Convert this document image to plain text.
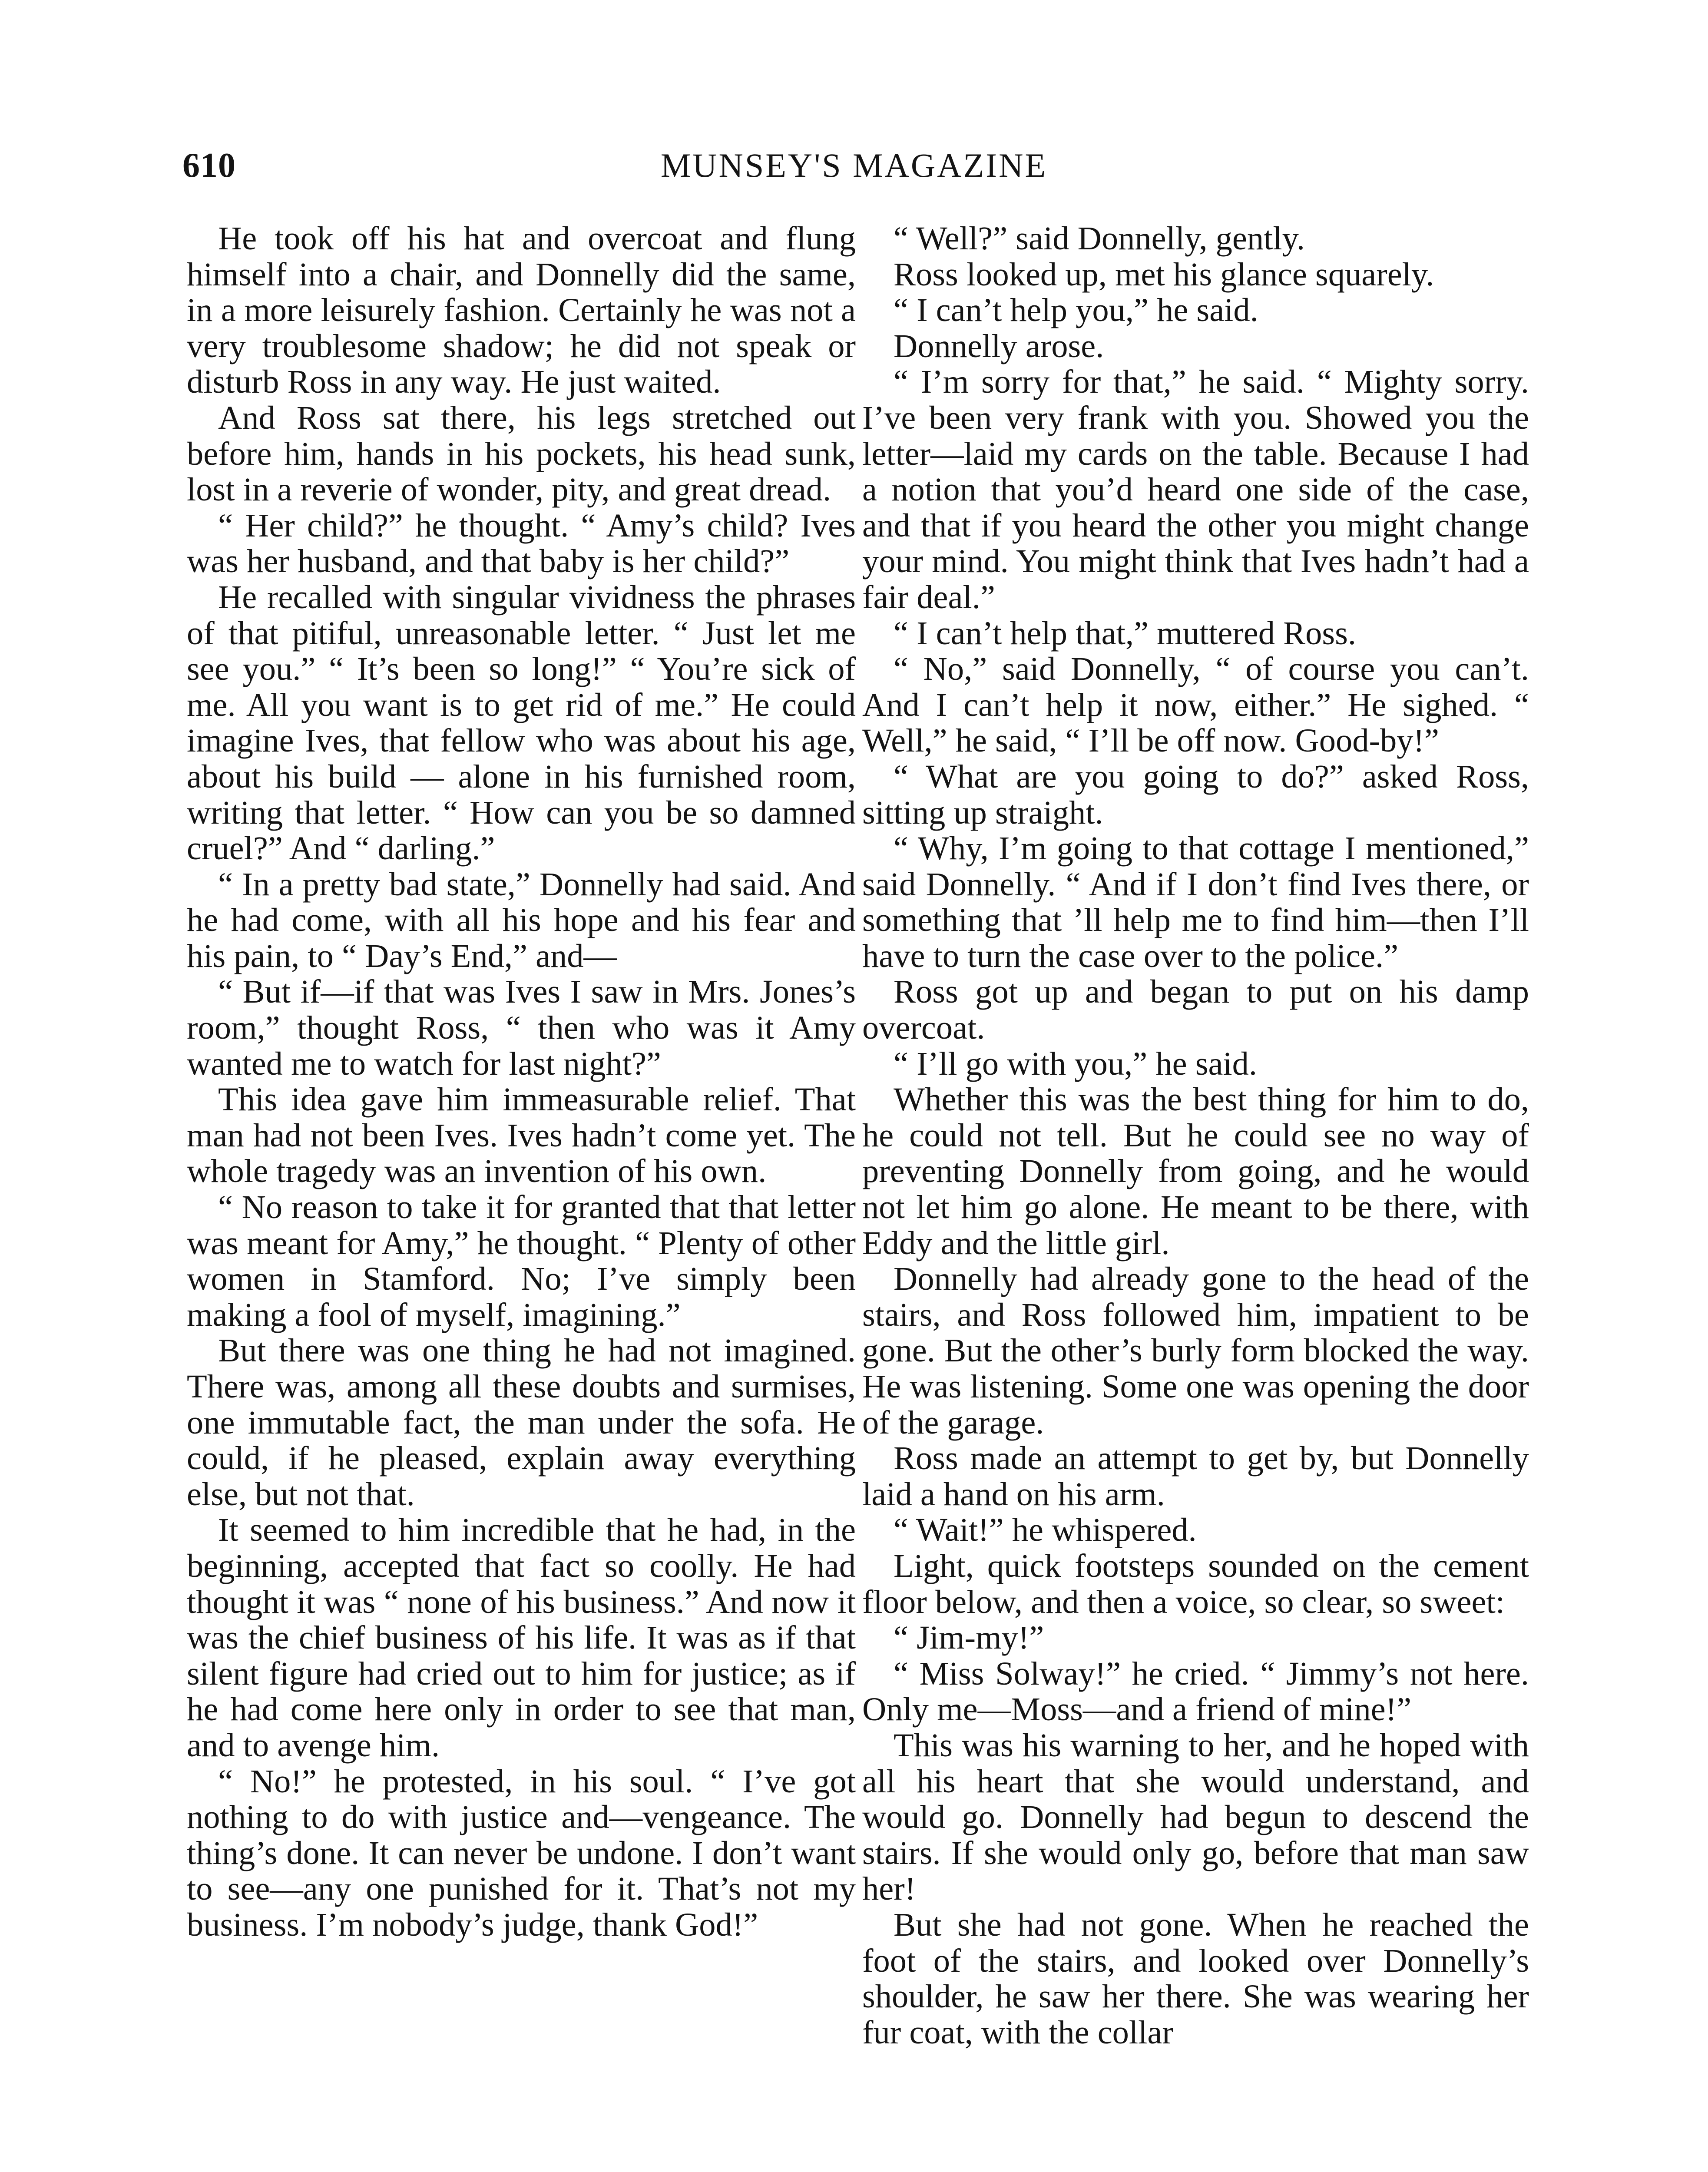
610	MUNSEY'S MAGAZINE

He took off his hat and overcoat and flung himself into a chair, and Donnelly did the same, in a more leisurely fashion. Certainly he was not a very troublesome shadow; he did not speak or disturb Ross in any way. He just waited.

And Ross sat there, his legs stretched out before him, hands in his pockets, his head sunk, lost in a reverie of wonder, pity, and great dread.

“ Her child?” he thought. “ Amy’s child? Ives was her husband, and that baby is her child?”

He recalled with singular vividness the phrases of that pitiful, unreasonable letter. “ Just let me see you.” “ It’s been so long!” “ You’re sick of me. All you want is to get rid of me.” He could imagine Ives, that fellow who was about his age, about his build — alone in his furnished room, writing that letter. “ How can you be so damned cruel?” And “ darling.”

“ In a pretty bad state,” Donnelly had said. And he had come, with all his hope and his fear and his pain, to “ Day’s End,” and—

“ But if—if that was Ives I saw in Mrs. Jones’s room,” thought Ross, “ then who was it Amy wanted me to watch for last night?”

This idea gave him immeasurable relief. That man had not been Ives. Ives hadn’t come yet. The whole tragedy was an invention of his own.

“ No reason to take it for granted that that letter was meant for Amy,” he thought. “ Plenty of other women in Stamford. No; I’ve simply been making a fool of myself, imagining.”

But there was one thing he had not imagined. There was, among all these doubts and surmises, one immutable fact, the man under the sofa. He could, if he pleased, explain away everything else, but not that.

It seemed to him incredible that he had, in the beginning, accepted that fact so coolly. He had thought it was “ none of his business.” And now it was the chief business of his life. It was as if that silent figure had cried out to him for justice; as if he had come here only in order to see that man, and to avenge him.

“ No!” he protested, in his soul. “ I’ve got nothing to do with justice and—vengeance. The thing’s done. It can never be undone. I don’t want to see—any one punished for it. That’s not my business. I’m nobody’s judge, thank God!”

“ Well?” said Donnelly, gently.

Ross looked up, met his glance squarely.

“ I can’t help you,” he said.

Donnelly arose.

“ I’m sorry for that,” he said. “ Mighty sorry. I’ve been very frank with you. Showed you the letter—laid my cards on the table. Because I had a notion that you’d heard one side of the case, and that if you heard the other you might change your mind. You might think that Ives hadn’t had a fair deal.”

“ I can’t help that,” muttered Ross.

“ No,” said Donnelly, “ of course you can’t. And I can’t help it now, either.” He sighed. “ Well,” he said, “ I’ll be off now. Good-by!”

“ What are you going to do?” asked Ross, sitting up straight.

“ Why, I’m going to that cottage I mentioned,” said Donnelly. “ And if I don’t find Ives there, or something that ’ll help me to find him—then I’ll have to turn the case over to the police.”

Ross got up and began to put on his damp overcoat.

“ I’ll go with you,” he said.

Whether this was the best thing for him to do, he could not tell. But he could see no way of preventing Donnelly from going, and he would not let him go alone. He meant to be there, with Eddy and the little girl.

Donnelly had already gone to the head of the stairs, and Ross followed him, impatient to be gone. But the other’s burly form blocked the way. He was listening. Some one was opening the door of the garage.

Ross made an attempt to get by, but Donnelly laid a hand on his arm.

“ Wait!” he whispered.

Light, quick footsteps sounded on the cement floor below, and then a voice, so clear, so sweet:

“ Jim-my!”

“ Miss Solway!” he cried. “ Jimmy’s not here. Only me—Moss—and a friend of mine!”

This was his warning to her, and he hoped with all his heart that she would understand, and would go. Donnelly had begun to descend the stairs. If she would only go, before that man saw her!

But she had not gone. When he reached the foot of the stairs, and looked over Donnelly’s shoulder, he saw her there. She was wearing her fur coat, with the collar
